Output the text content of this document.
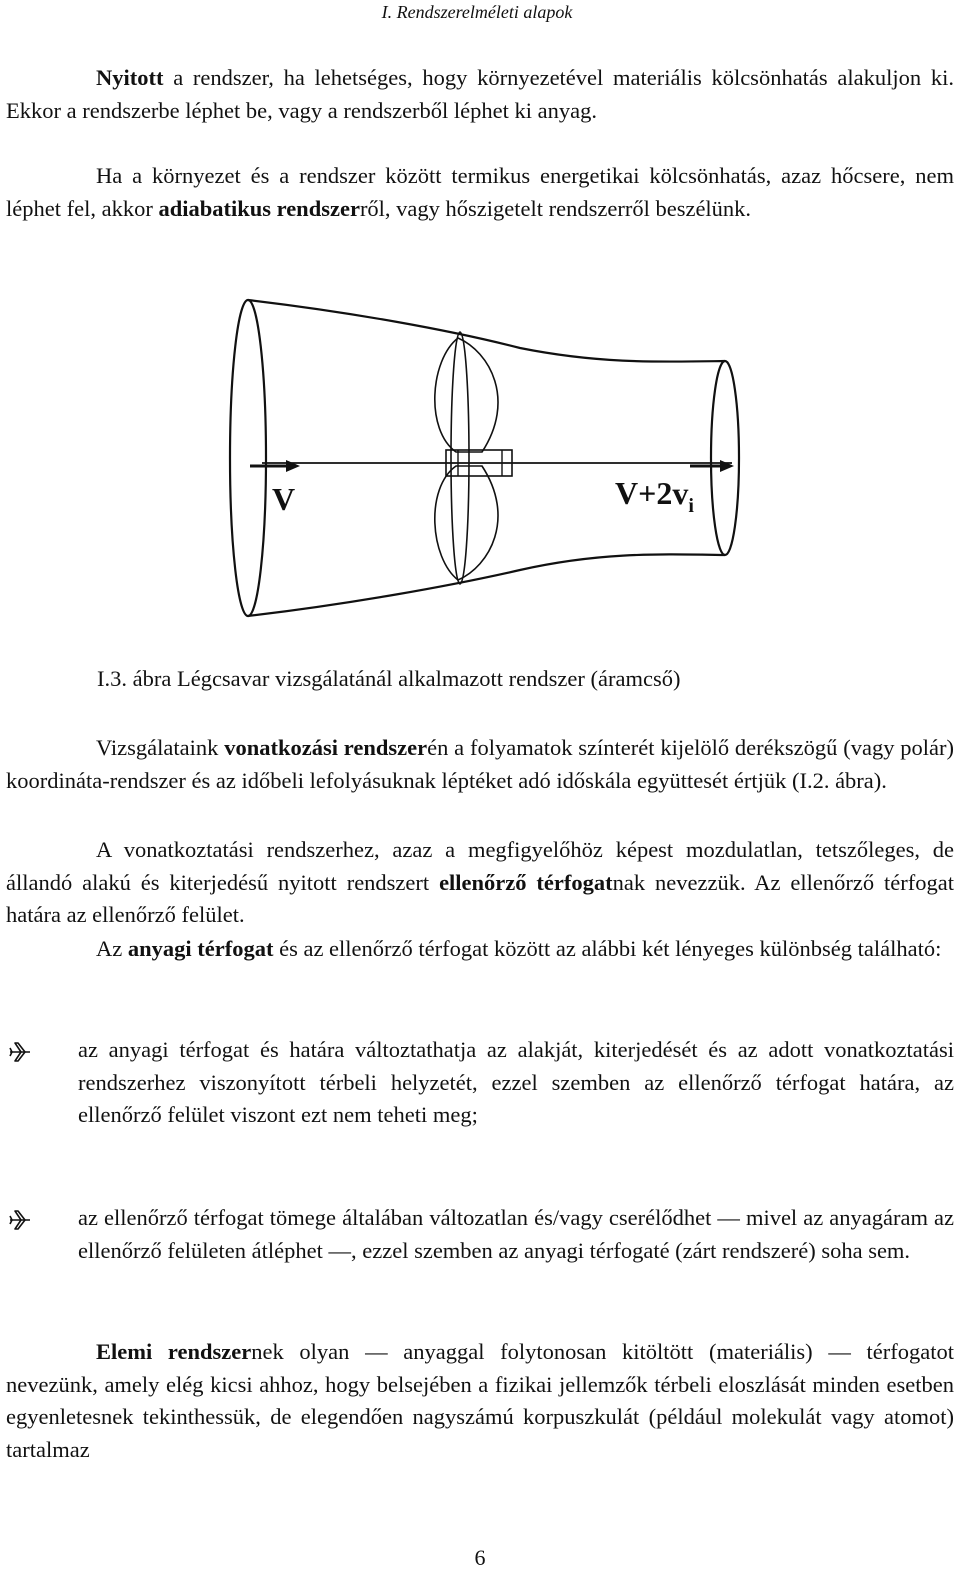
I. Rendszerelméleti alapok

Nyitott a rendszer, ha lehetséges, hogy környezetével materiális kölcsönhatás alakuljon ki. Ekkor a rendszerbe léphet be, vagy a rendszerből léphet ki anyag.

Ha a környezet és a rendszer között termikus energetikai kölcsönhatás, azaz hőcsere, nem léphet fel, akkor adiabatikus rendszerről, vagy hőszigetelt rendszerről beszélünk.

V	$V+2v_i$
I.3. ábra Légcsavar vizsgálatánál alkalmazott rendszer (áramcső)

Vizsgálataink vonatkozási rendszerén a folyamatok színterét kijelölő derékszögű (vagy polár) koordináta-rendszer és az időbeli lefolyásuknak léptéket adó időskála együttesét értjük (I.2. ábra).

A vonatkoztatási rendszerhez, azaz a megfigyelőhöz képest mozdulatlan, tetszőleges, de állandó alakú és kiterjedésű nyitott rendszert ellenőrző térfogatnak nevezzük. Az ellenőrző térfogat határa az ellenőrző felület.

Az anyagi térfogat és az ellenőrző térfogat között az alábbi két lényeges különbség található:

az anyagi térfogat és határa változtathatja az alakját, kiterjedését és az adott vonatkoztatási rendszerhez viszonyított térbeli helyzetét, ezzel szemben az ellenőrző térfogat határa, az ellenőrző felület viszont ezt nem teheti meg;

az ellenőrző térfogat tömege általában változatlan és/vagy cserélődhet — mivel az anyagáram az ellenőrző felületen átléphet —, ezzel szemben az anyagi térfogaté (zárt rendszeré) soha sem.

Elemi rendszernek olyan — anyaggal folytonosan kitöltött (materiális) — térfogatot nevezünk, amely elég kicsi ahhoz, hogy belsejében a fizikai jellemzők térbeli eloszlását minden esetben egyenletesnek tekinthessük, de elegendően nagyszámú korpuszkulát (például molekulát vagy atomot) tartalmaz

6
